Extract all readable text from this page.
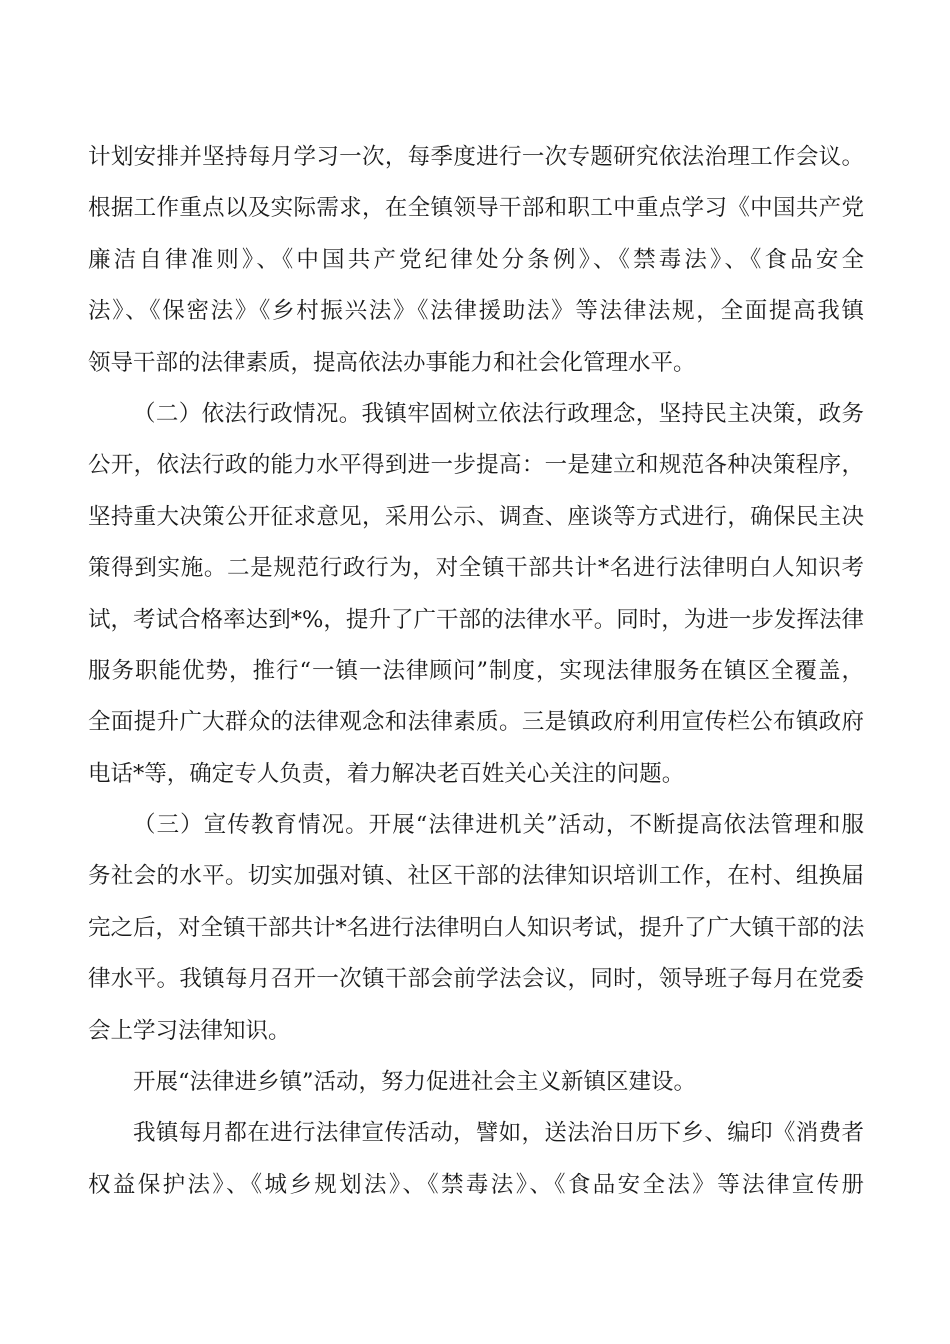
计划安排并坚持每月学习一次，每季度进行一次专题研究依法治理工作会议。
根据工作重点以及实际需求，在全镇领导干部和职工中重点学习《中国共产党
廉洁自律准则》、《中国共产党纪律处分条例》、《禁毒法》、《食品安全
法》、《保密法》《乡村振兴法》《法律援助法》等法律法规，全面提高我镇
领导干部的法律素质，提高依法办事能力和社会化管理水平。

（二）依法行政情况。我镇牢固树立依法行政理念，坚持民主决策，政务
公开，依法行政的能力水平得到进一步提高：一是建立和规范各种决策程序，
坚持重大决策公开征求意见，采用公示、调查、座谈等方式进行，确保民主决
策得到实施。二是规范行政行为，对全镇干部共计*名进行法律明白人知识考
试，考试合格率达到*%，提升了广干部的法律水平。同时，为进一步发挥法律
服务职能优势，推行“一镇一法律顾问”制度，实现法律服务在镇区全覆盖，
全面提升广大群众的法律观念和法律素质。三是镇政府利用宣传栏公布镇政府
电话*等，确定专人负责，着力解决老百姓关心关注的问题。

（三）宣传教育情况。开展“法律进机关”活动，不断提高依法管理和服
务社会的水平。切实加强对镇、社区干部的法律知识培训工作，在村、组换届
完之后，对全镇干部共计*名进行法律明白人知识考试，提升了广大镇干部的法
律水平。我镇每月召开一次镇干部会前学法会议，同时，领导班子每月在党委
会上学习法律知识。

开展“法律进乡镇”活动，努力促进社会主义新镇区建设。

我镇每月都在进行法律宣传活动，譬如，送法治日历下乡、编印《消费者
权益保护法》、《城乡规划法》、《禁毒法》、《食品安全法》等法律宣传册
